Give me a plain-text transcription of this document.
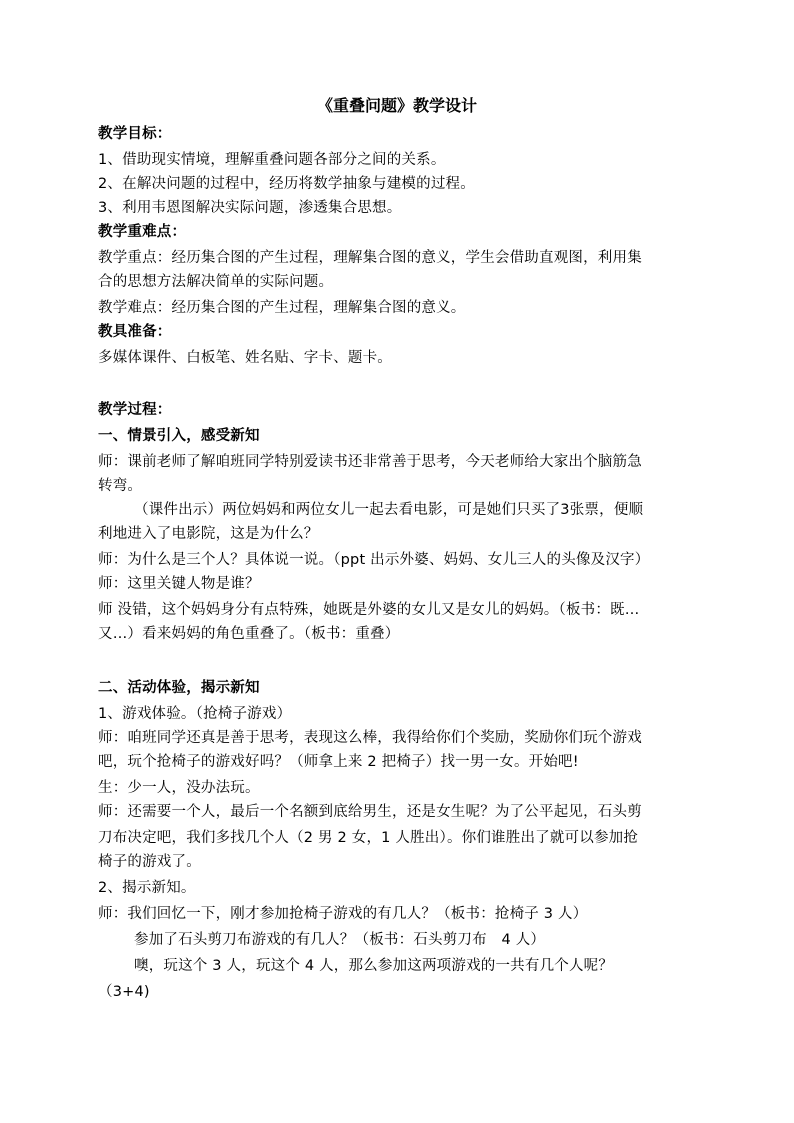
《重叠问题》教学设计
教学目标：
1、借助现实情境，理解重叠问题各部分之间的关系。
2、在解决问题的过程中，经历将数学抽象与建模的过程。
3、利用韦恩图解决实际问题，渗透集合思想。
教学重难点：
教学重点：经历集合图的产生过程，理解集合图的意义，学生会借助直观图，利用集
合的思想方法解决简单的实际问题。
教学难点：经历集合图的产生过程，理解集合图的意义。
教具准备：
多媒体课件、白板笔、姓名贴、字卡、题卡。
教学过程：
一、情景引入，感受新知
师：课前老师了解咱班同学特别爱读书还非常善于思考，今天老师给大家出个脑筋急
转弯。
（课件出示）两位妈妈和两位女儿一起去看电影，可是她们只买了3张票，便顺
利地进入了电影院，这是为什么？
师：为什么是三个人？具体说一说。（ppt 出示外婆、妈妈、女儿三人的头像及汉字）
师：这里关键人物是谁？
师 没错，这个妈妈身分有点特殊，她既是外婆的女儿又是女儿的妈妈。（板书：既…
又…）看来妈妈的角色重叠了。（板书：重叠）
二、活动体验，揭示新知
1、游戏体验。（抢椅子游戏）
师：咱班同学还真是善于思考，表现这么棒，我得给你们个奖励，奖励你们玩个游戏
吧，玩个抢椅子的游戏好吗？（师拿上来 2 把椅子）找一男一女。开始吧!
生：少一人，没办法玩。
师：还需要一个人，最后一个名额到底给男生，还是女生呢？为了公平起见，石头剪
刀布决定吧，我们多找几个人（2 男 2 女，1 人胜出）。你们谁胜出了就可以参加抢
椅子的游戏了。
2、揭示新知。
师：我们回忆一下，刚才参加抢椅子游戏的有几人？（板书：抢椅子 3 人）
参加了石头剪刀布游戏的有几人？（板书：石头剪刀布　4 人）
噢，玩这个 3 人，玩这个 4 人，那么参加这两项游戏的一共有几个人呢？
（3+4)
